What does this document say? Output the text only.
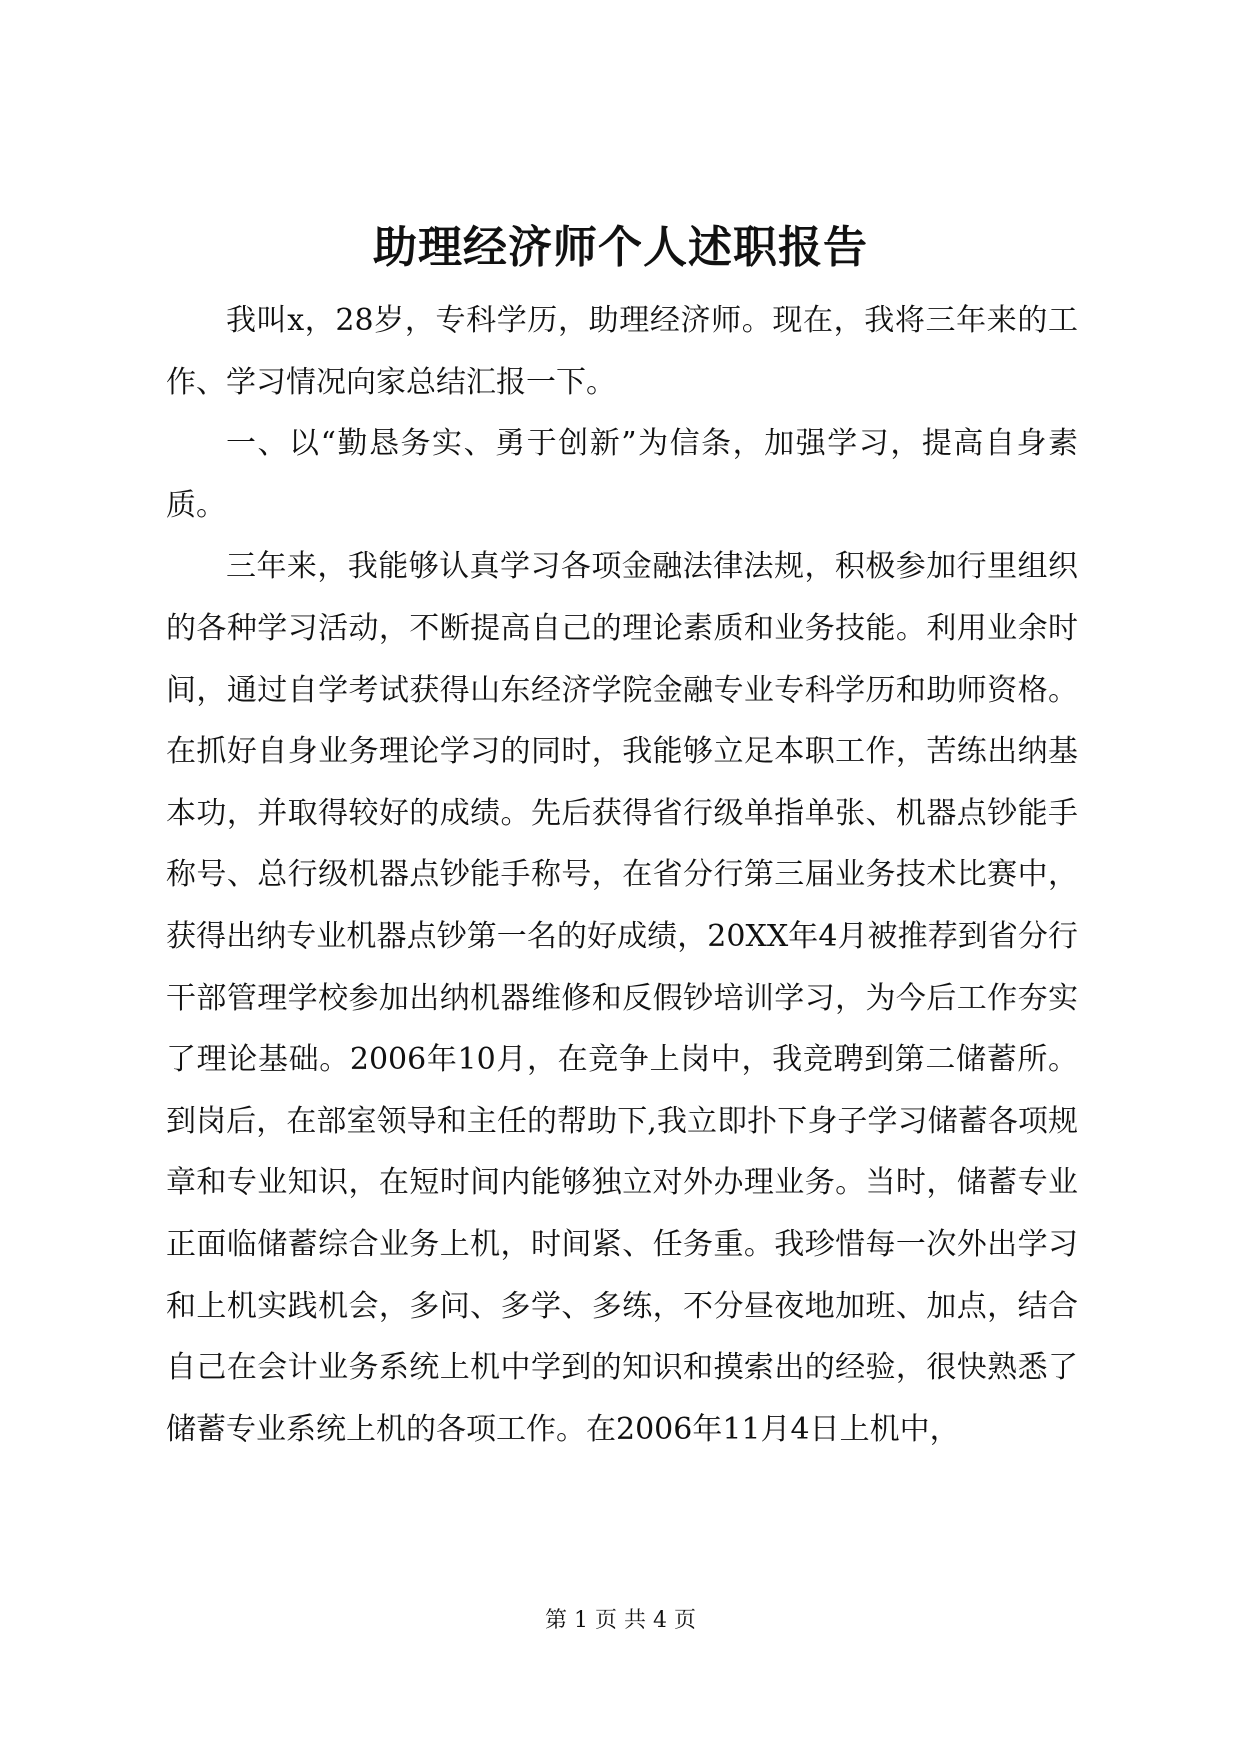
助理经济师个人述职报告

我叫x，28岁，专科学历，助理经济师。现在，我将三年来的工作、学习情况向家总结汇报一下。

一、以“勤恳务实、勇于创新”为信条，加强学习，提高自身素质。

三年来，我能够认真学习各项金融法律法规，积极参加行里组织的各种学习活动，不断提高自己的理论素质和业务技能。利用业余时间，通过自学考试获得山东经济学院金融专业专科学历和助师资格。在抓好自身业务理论学习的同时，我能够立足本职工作，苦练出纳基本功，并取得较好的成绩。先后获得省行级单指单张、机器点钞能手称号、总行级机器点钞能手称号，在省分行第三届业务技术比赛中，获得出纳专业机器点钞第一名的好成绩，20XX年4月被推荐到省分行干部管理学校参加出纳机器维修和反假钞培训学习，为今后工作夯实了理论基础。2006年10月，在竞争上岗中，我竞聘到第二储蓄所。到岗后，在部室领导和主任的帮助下,我立即扑下身子学习储蓄各项规章和专业知识，在短时间内能够独立对外办理业务。当时，储蓄专业正面临储蓄综合业务上机，时间紧、任务重。我珍惜每一次外出学习和上机实践机会，多问、多学、多练，不分昼夜地加班、加点，结合自己在会计业务系统上机中学到的知识和摸索出的经验，很快熟悉了储蓄专业系统上机的各项工作。在2006年11月4日上机中，

第 1 页 共 4 页
